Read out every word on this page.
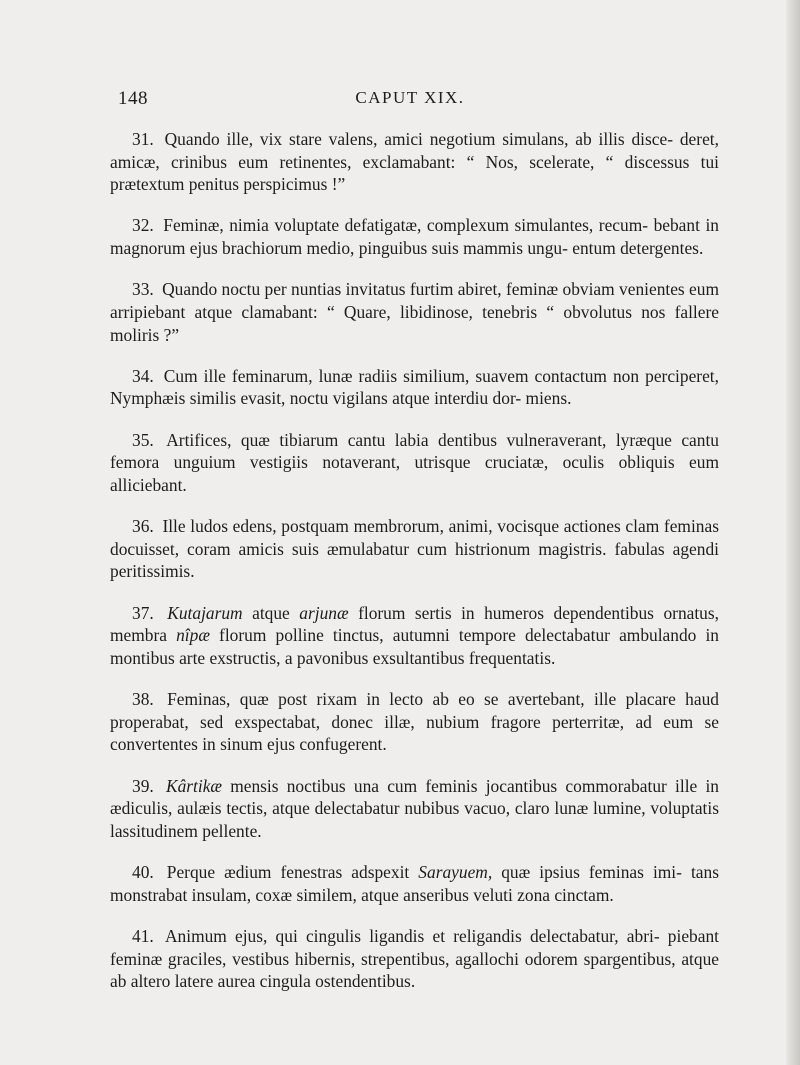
148	CAPUT XIX.

31. Quando ille, vix stare valens, amici negotium simulans, ab illis disce- deret, amicæ, crinibus eum retinentes, exclamabant: “ Nos, scelerate, “ discessus tui prætextum penitus perspicimus !”

32. Feminæ, nimia voluptate defatigatæ, complexum simulantes, recum- bebant in magnorum ejus brachiorum medio, pinguibus suis mammis ungu- entum detergentes.

33. Quando noctu per nuntias invitatus furtim abiret, feminæ obviam venientes eum arripiebant atque clamabant: “ Quare, libidinose, tenebris “ obvolutus nos fallere moliris ?”

34. Cum ille feminarum, lunæ radiis similium, suavem contactum non perciperet, Nymphæis similis evasit, noctu vigilans atque interdiu dor- miens.

35. Artifices, quæ tibiarum cantu labia dentibus vulneraverant, lyræque cantu femora unguium vestigiis notaverant, utrisque cruciatæ, oculis obliquis eum alliciebant.

36. Ille ludos edens, postquam membrorum, animi, vocisque actiones clam feminas docuisset, coram amicis suis æmulabatur cum histrionum magistris. fabulas agendi peritissimis.

37. Kutajarum atque arjunæ florum sertis in humeros dependentibus ornatus, membra nîpæ florum polline tinctus, autumni tempore delectabatur ambulando in montibus arte exstructis, a pavonibus exsultantibus frequentatis.

38. Feminas, quæ post rixam in lecto ab eo se avertebant, ille placare haud properabat, sed exspectabat, donec illæ, nubium fragore perterritæ, ad eum se convertentes in sinum ejus confugerent.

39. Kârtikæ mensis noctibus una cum feminis jocantibus commorabatur ille in ædiculis, aulæis tectis, atque delectabatur nubibus vacuo, claro lunæ lumine, voluptatis lassitudinem pellente.

40. Perque ædium fenestras adspexit Sarayuem, quæ ipsius feminas imi- tans monstrabat insulam, coxæ similem, atque anseribus veluti zona cinctam.

41. Animum ejus, qui cingulis ligandis et religandis delectabatur, abri- piebant feminæ graciles, vestibus hibernis, strepentibus, agallochi odorem spargentibus, atque ab altero latere aurea cingula ostendentibus.
